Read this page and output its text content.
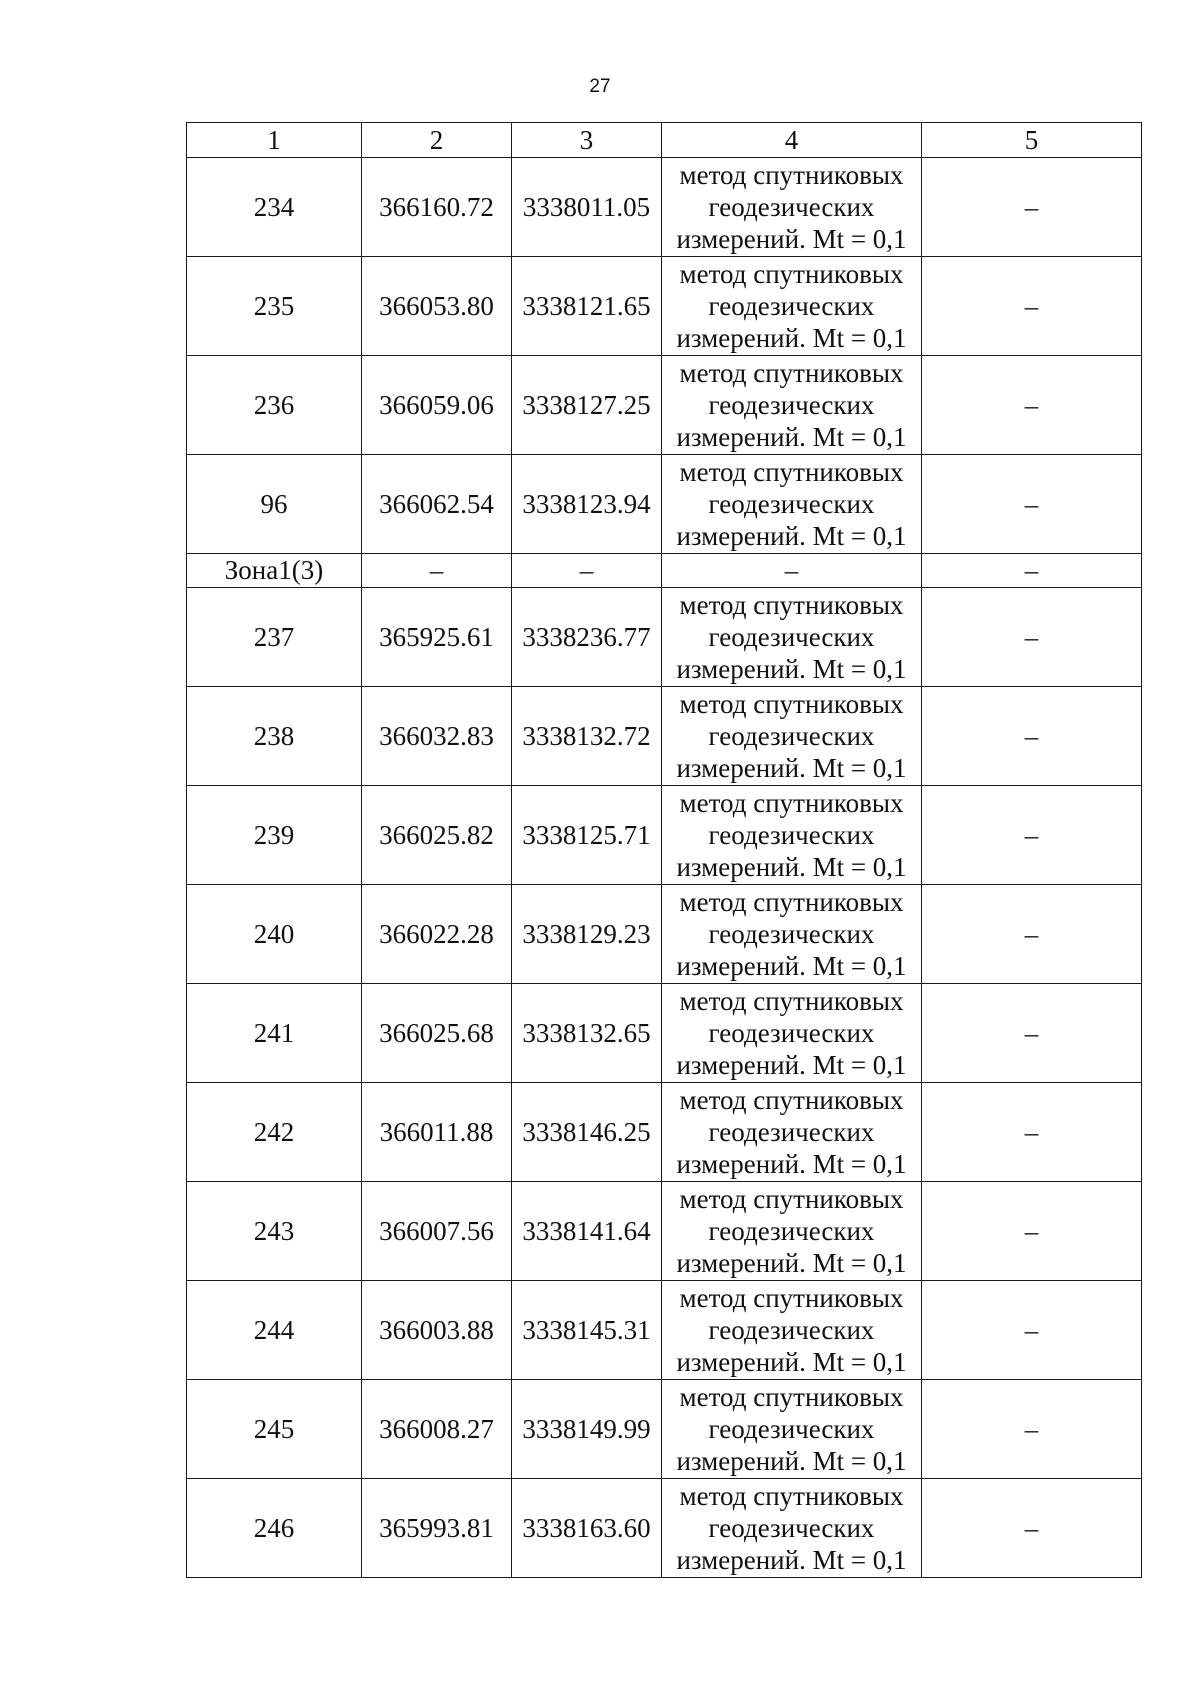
27
1	2	3	4	5
234	366160.72	3338011.05	метод спутниковых
геодезических
измерений. Mt = 0,1	–
235	366053.80	3338121.65	метод спутниковых
геодезических
измерений. Mt = 0,1	–
236	366059.06	3338127.25	метод спутниковых
геодезических
измерений. Mt = 0,1	–
96	366062.54	3338123.94	метод спутниковых
геодезических
измерений. Mt = 0,1	–
Зона1(3)	–	–	–	–
237	365925.61	3338236.77	метод спутниковых
геодезических
измерений. Mt = 0,1	–
238	366032.83	3338132.72	метод спутниковых
геодезических
измерений. Mt = 0,1	–
239	366025.82	3338125.71	метод спутниковых
геодезических
измерений. Mt = 0,1	–
240	366022.28	3338129.23	метод спутниковых
геодезических
измерений. Mt = 0,1	–
241	366025.68	3338132.65	метод спутниковых
геодезических
измерений. Mt = 0,1	–
242	366011.88	3338146.25	метод спутниковых
геодезических
измерений. Mt = 0,1	–
243	366007.56	3338141.64	метод спутниковых
геодезических
измерений. Mt = 0,1	–
244	366003.88	3338145.31	метод спутниковых
геодезических
измерений. Mt = 0,1	–
245	366008.27	3338149.99	метод спутниковых
геодезических
измерений. Mt = 0,1	–
246	365993.81	3338163.60	метод спутниковых
геодезических
измерений. Mt = 0,1	–
